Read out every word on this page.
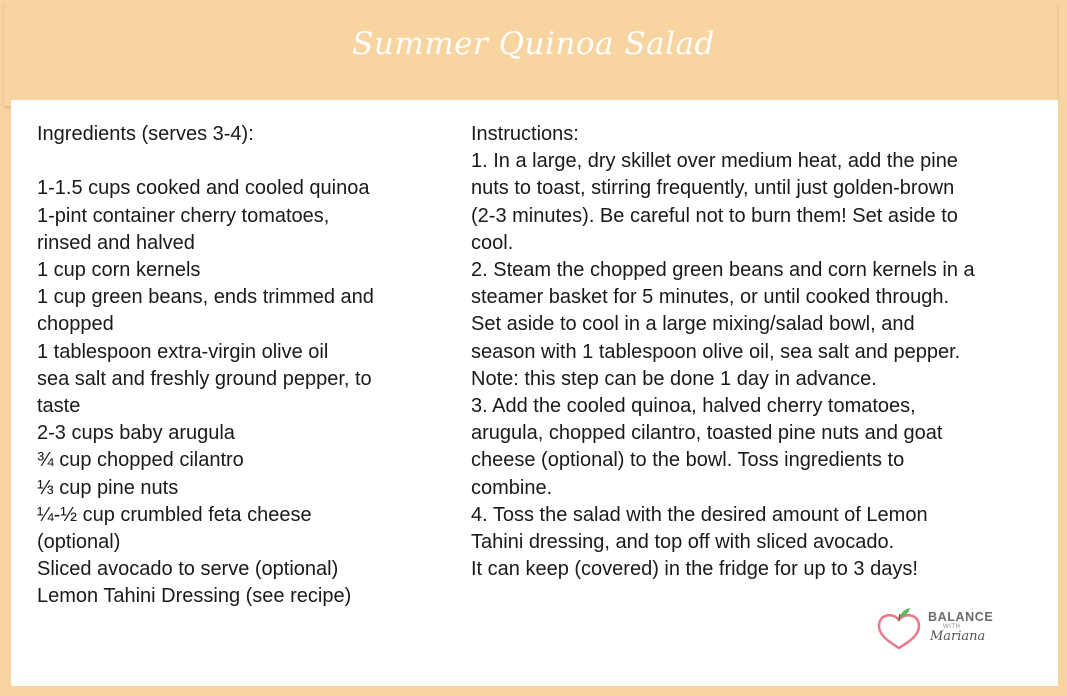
Summer Quinoa Salad
Ingredients (serves 3-4):
1-1.5 cups cooked and cooled quinoa
1-pint container cherry tomatoes,
rinsed and halved
1 cup corn kernels
1 cup green beans, ends trimmed and
chopped
1 tablespoon extra-virgin olive oil
sea salt and freshly ground pepper, to
taste
2-3 cups baby arugula
¾ cup chopped cilantro
⅓ cup pine nuts
¼-½ cup crumbled feta cheese
(optional)
Sliced avocado to serve (optional)
Lemon Tahini Dressing (see recipe)
Instructions:
1. In a large, dry skillet over medium heat, add the pine
nuts to toast, stirring frequently, until just golden-brown
(2-3 minutes). Be careful not to burn them! Set aside to
cool.
2. Steam the chopped green beans and corn kernels in a
steamer basket for 5 minutes, or until cooked through.
Set aside to cool in a large mixing/salad bowl, and
season with 1 tablespoon olive oil, sea salt and pepper.
Note: this step can be done 1 day in advance.
3. Add the cooled quinoa, halved cherry tomatoes,
arugula, chopped cilantro, toasted pine nuts and goat
cheese (optional) to the bowl. Toss ingredients to
combine.
4. Toss the salad with the desired amount of Lemon
Tahini dressing, and top off with sliced avocado.
It can keep (covered) in the fridge for up to 3 days!
BALANCE
WITH
Mariana
